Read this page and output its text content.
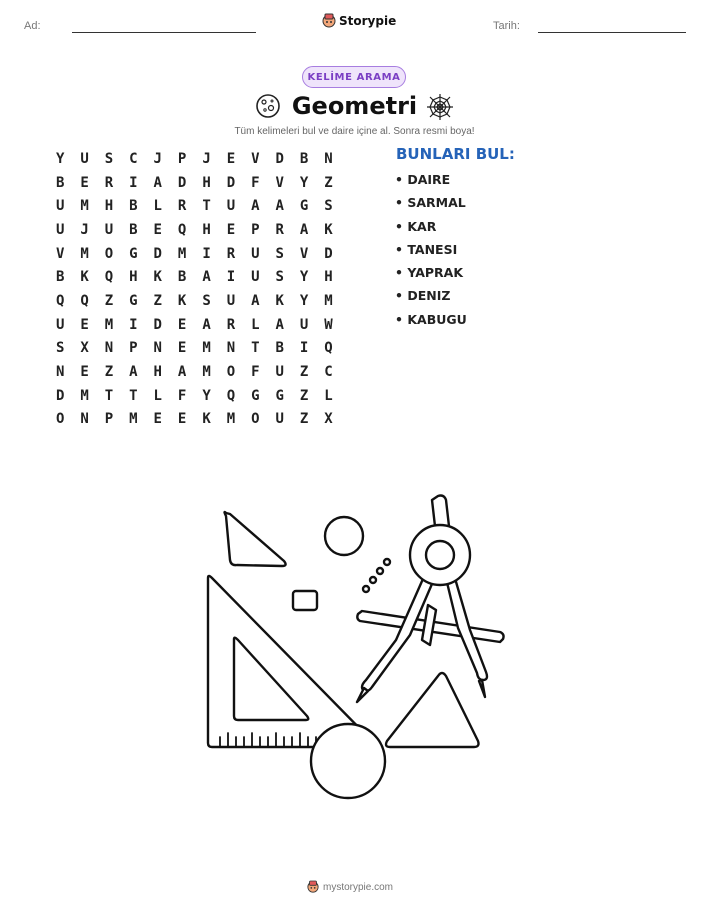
Ad:	Storypie	Tarih:
KELİME ARAMA
Geometri
Tüm kelimeleri bul ve daire içine al. Sonra resmi boya!
Y	U	S	C	J	P	J	E	V	D	B	N
B	E	R	I	A	D	H	D	F	V	Y	Z
U	M	H	B	L	R	T	U	A	A	G	S
U	J	U	B	E	Q	H	E	P	R	A	K
V	M	O	G	D	M	I	R	U	S	V	D
B	K	Q	H	K	B	A	I	U	S	Y	H
Q	Q	Z	G	Z	K	S	U	A	K	Y	M
U	E	M	I	D	E	A	R	L	A	U	W
S	X	N	P	N	E	M	N	T	B	I	Q
N	E	Z	A	H	A	M	O	F	U	Z	C
D	M	T	T	L	F	Y	Q	G	G	Z	L
O	N	P	M	E	E	K	M	O	U	Z	X
BUNLARI BUL:
• DAIRE
• SARMAL
• KAR
• TANESI
• YAPRAK
• DENIZ
• KABUGU
mystorypie.com
